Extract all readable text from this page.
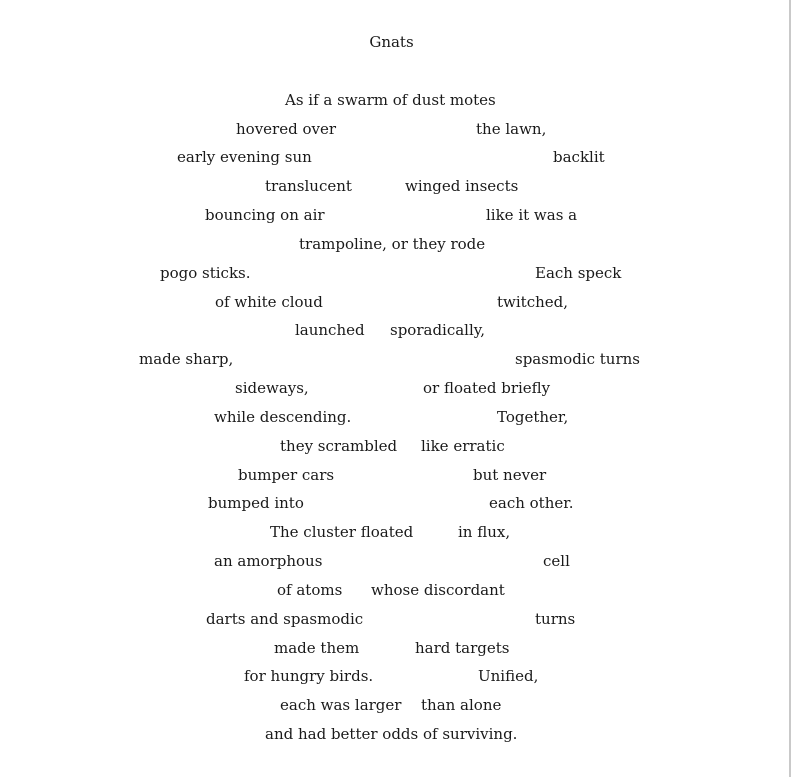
Gnats
As if a swarm of dust motes
hovered over	the lawn,
early evening sun	backlit
translucent	winged insects
bouncing on air	like it was a
trampoline, or they rode
pogo sticks.	Each speck
of white cloud	twitched,
launched sporadically,
made sharp,	spasmodic turns
sideways,	or floated briefly
while descending.	Together,
they scrambled like erratic
bumper cars	but never
bumped into	each other.
The cluster floated	in flux,
an amorphous	cell
of atoms whose discordant
darts and spasmodic	turns
made them	hard targets
for hungry birds.	Unified,
each was larger than alone
and had better odds of surviving.
